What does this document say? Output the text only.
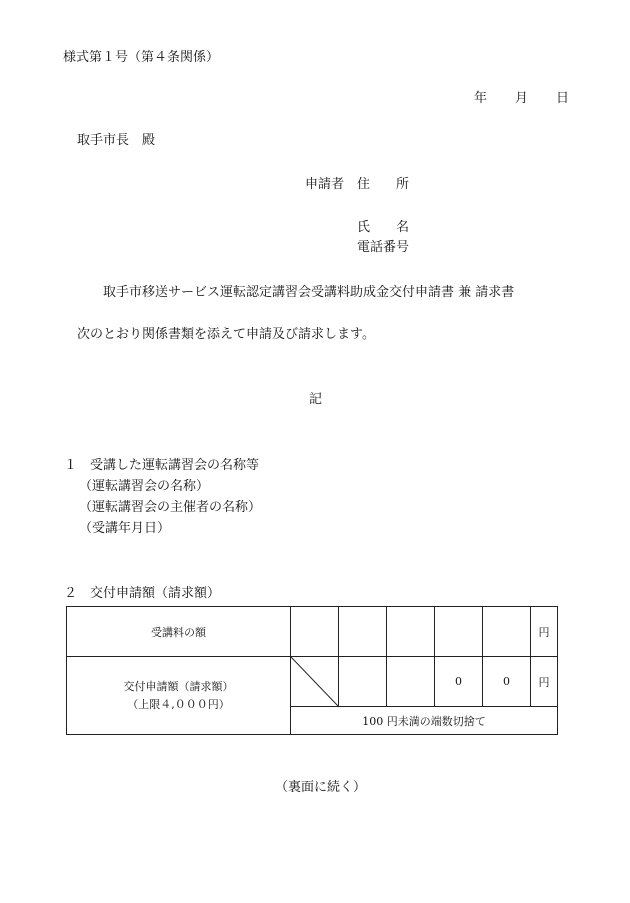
様式第１号（第４条関係）
年 月 日
取手市長　殿
申請者 住　　所
氏　　名
電話番号
取手市移送サービス運転認定講習会受講料助成金交付申請書 兼 請求書
次のとおり関係書類を添えて申請及び請求します。
記
１　受講した運転講習会の名称等
（運転講習会の名称）
（運転講習会の主催者の名称）
（受講年月日）
２　交付申請額（請求額）
受講料の額						円

交付申請額（請求額）
（上限４,０００円）				0	0	円
	100 円未満の端数切捨て					
（裏面に続く）
